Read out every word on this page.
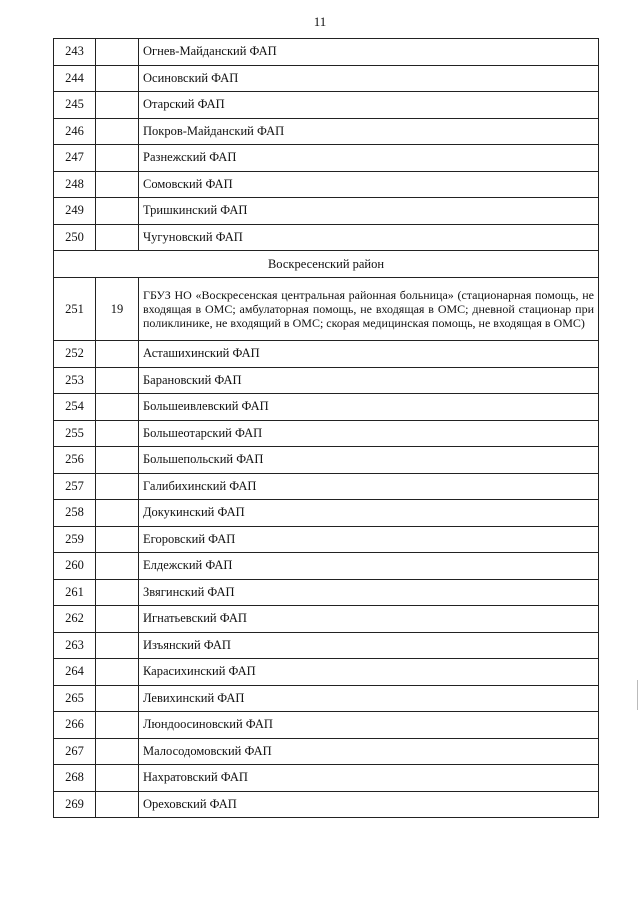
11
243		Огнев-Майданский ФАП
244		Осиновский ФАП
245		Отарский ФАП
246		Покров-Майданский ФАП
247		Разнежский ФАП
248		Сомовский ФАП
249		Тришкинский ФАП
250		Чугуновский ФАП
Воскресенский район		
251	19	ГБУЗ НО «Воскресенская центральная районная больница» (стационарная помощь, не входящая в ОМС; амбулаторная помощь, не входящая в ОМС; дневной стационар при поликлинике, не входящий в ОМС; скорая медицинская помощь, не входящая в ОМС)
252		Асташихинский ФАП
253		Барановский ФАП
254		Большеивлевский ФАП
255		Большеотарский ФАП
256		Большепольский ФАП
257		Галибихинский ФАП
258		Докукинский ФАП
259		Егоровский ФАП
260		Елдежский ФАП
261		Звягинский ФАП
262		Игнатьевский ФАП
263		Изъянский ФАП
264		Карасихинский ФАП
265		Левихинский ФАП
266		Люндоосиновский ФАП
267		Малосодомовский ФАП
268		Нахратовский ФАП
269		Ореховский ФАП
